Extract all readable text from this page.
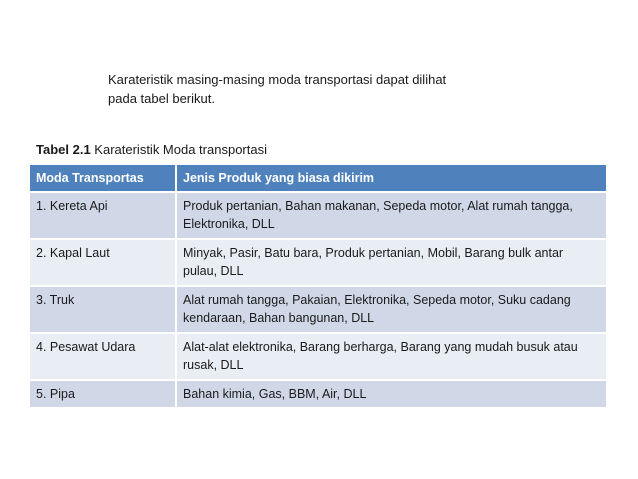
Karateristik masing-masing moda transportasi dapat dilihat

pada tabel berikut.

Tabel 2.1 Karateristik Moda transportasi
Moda Transportas	Jenis Produk yang biasa dikirim
1. Kereta Api	Produk pertanian, Bahan makanan, Sepeda motor, Alat rumah tangga, Elektronika, DLL
2. Kapal Laut	Minyak, Pasir, Batu bara, Produk pertanian, Mobil, Barang bulk antar pulau, DLL
3. Truk	Alat rumah tangga, Pakaian, Elektronika, Sepeda motor, Suku cadang kendaraan, Bahan bangunan, DLL
4. Pesawat Udara	Alat-alat elektronika, Barang berharga, Barang yang mudah busuk atau rusak, DLL
5. Pipa	Bahan kimia, Gas, BBM, Air, DLL
